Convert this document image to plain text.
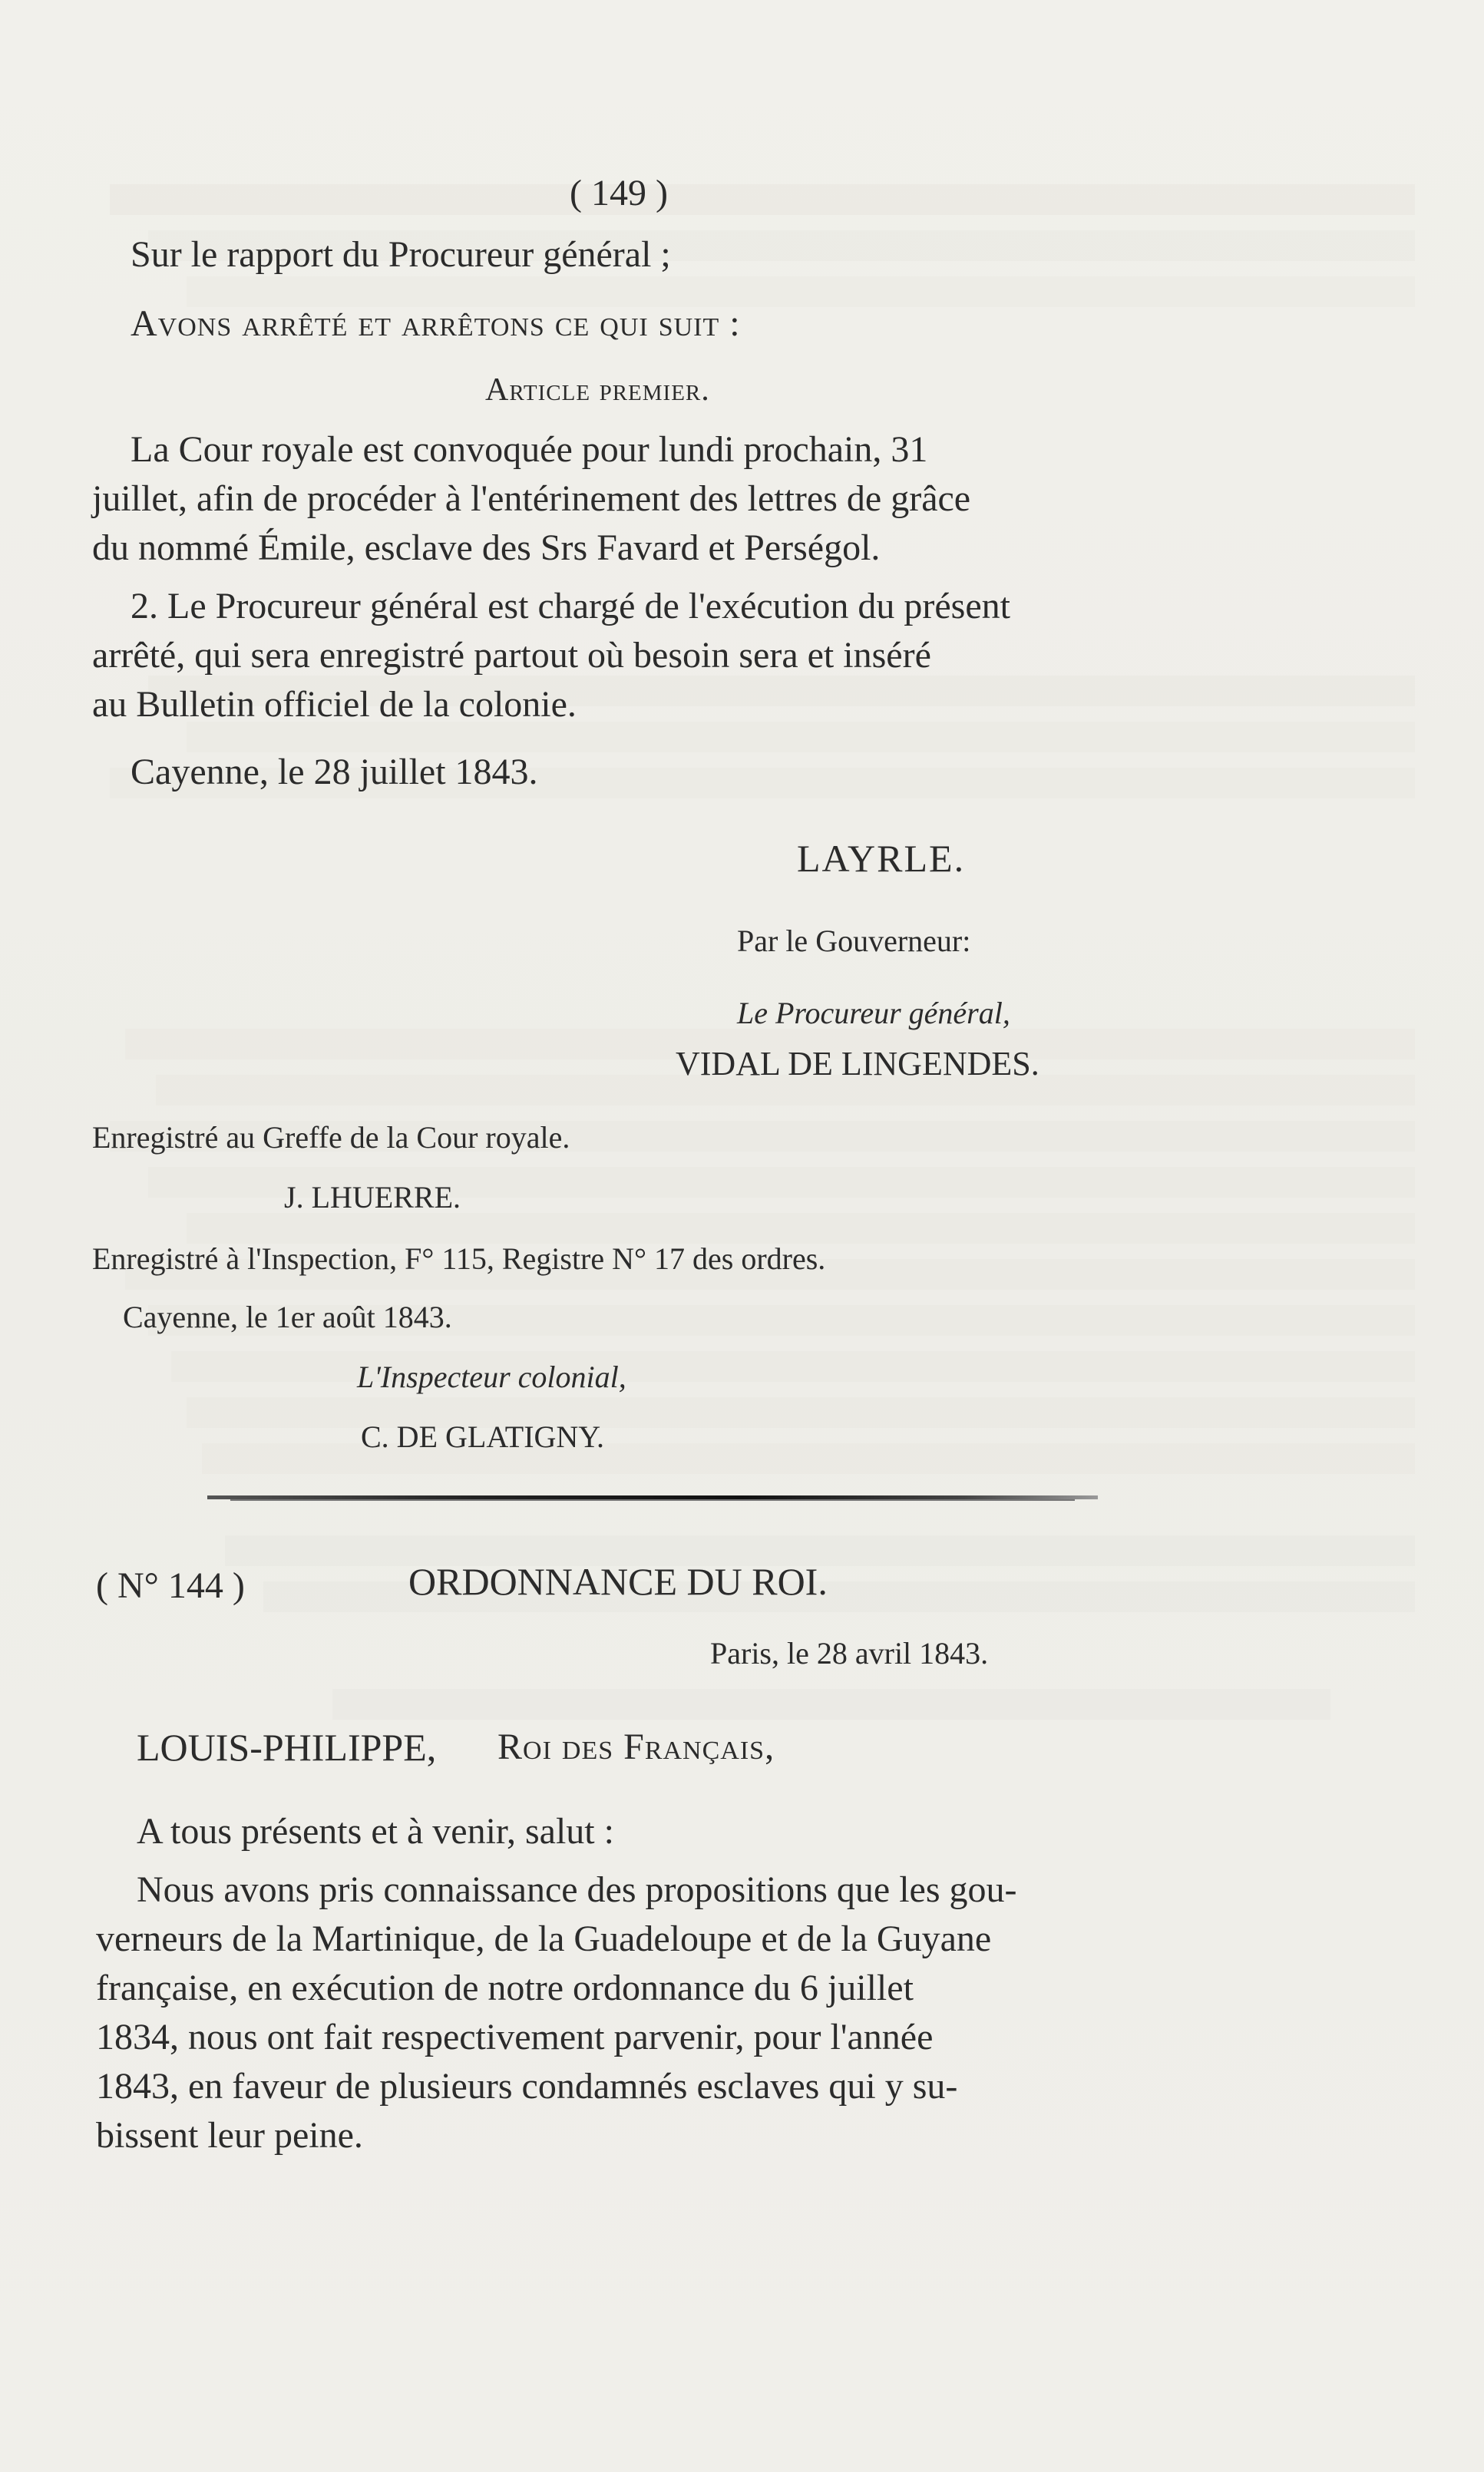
( 149 )
Sur le rapport du Procureur général ;
Avons arrêté et arrêtons ce qui suit :
Article premier.
La Cour royale est convoquée pour lundi prochain, 31
juillet, afin de procéder à l'entérinement des lettres de grâce
du nommé Émile, esclave des Srs Favard et Perségol.
2. Le Procureur général est chargé de l'exécution du présent
arrêté, qui sera enregistré partout où besoin sera et inséré
au Bulletin officiel de la colonie.
Cayenne, le 28 juillet 1843.
LAYRLE.
Par le Gouverneur:
Le Procureur général,
VIDAL DE LINGENDES.
Enregistré au Greffe de la Cour royale.
J. LHUERRE.
Enregistré à l'Inspection, F° 115, Registre N° 17 des ordres.
Cayenne, le 1er août 1843.
L'Inspecteur colonial,
C. DE GLATIGNY.
( N° 144 )	ORDONNANCE DU ROI.
Paris, le 28 avril 1843.
LOUIS-PHILIPPE, Roi des Français,
A tous présents et à venir, salut :
Nous avons pris connaissance des propositions que les gou-
verneurs de la Martinique, de la Guadeloupe et de la Guyane
française, en exécution de notre ordonnance du 6 juillet
1834, nous ont fait respectivement parvenir, pour l'année
1843, en faveur de plusieurs condamnés esclaves qui y su-
bissent leur peine.
